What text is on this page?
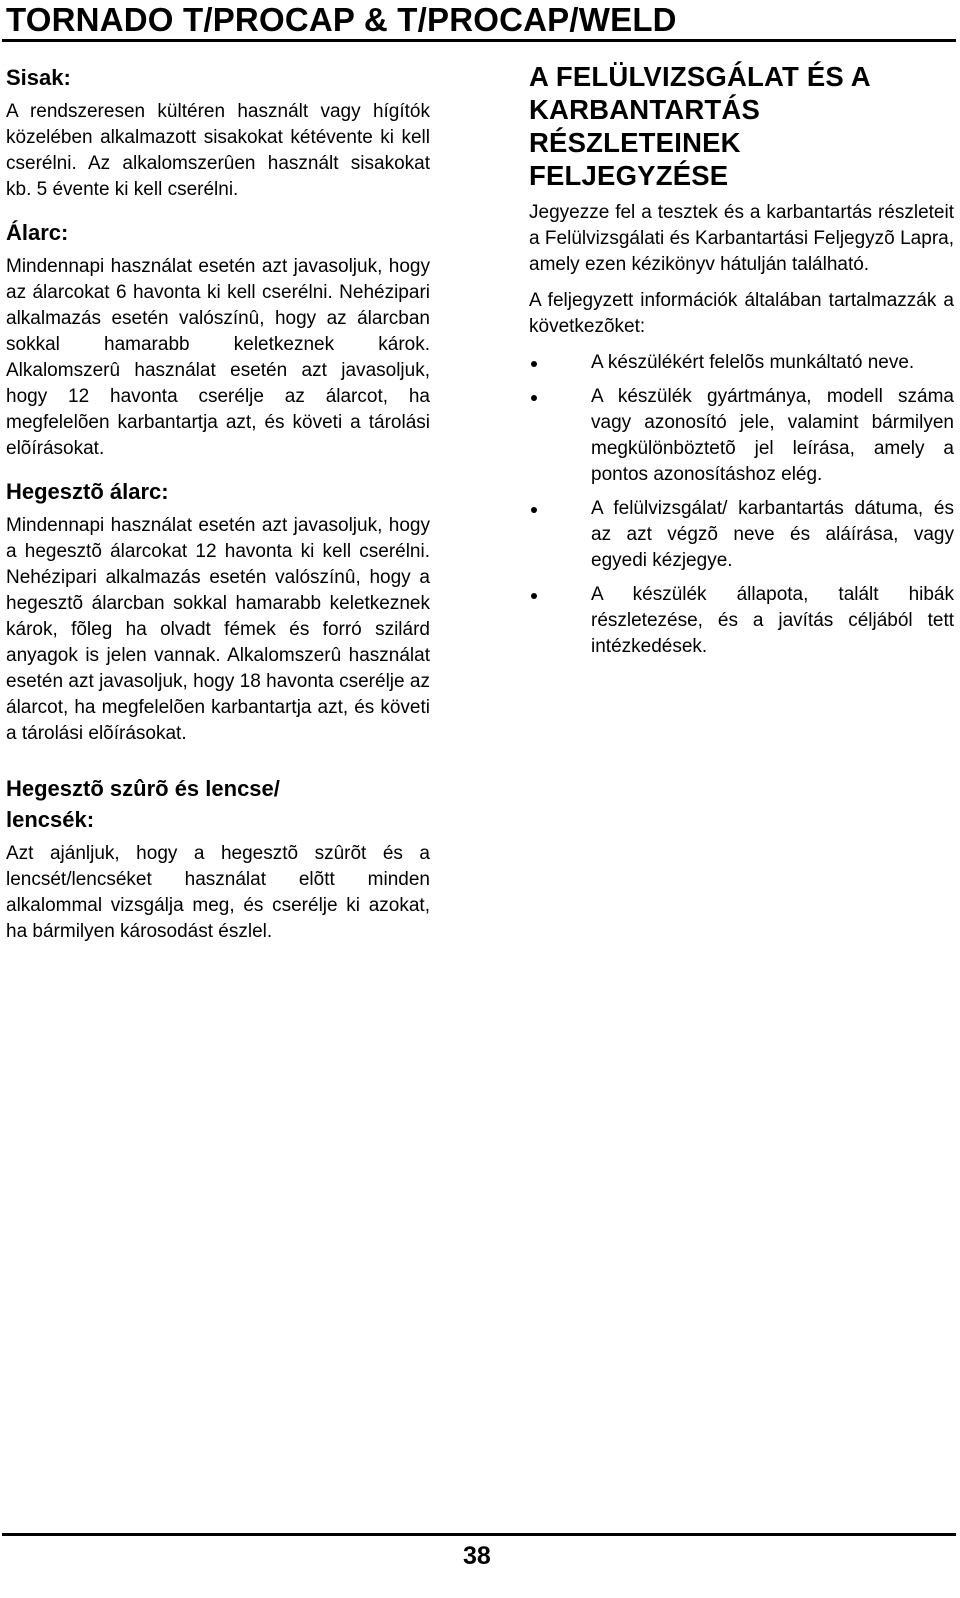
TORNADO T/PROCAP & T/PROCAP/WELD
Sisak:

A rendszeresen kültéren használt vagy hígítók közelében alkalmazott sisakokat kétévente ki kell cserélni. Az alkalomszerûen használt sisakokat kb. 5 évente ki kell cserélni.

Álarc:

Mindennapi használat esetén azt javasoljuk, hogy az álarcokat 6 havonta ki kell cserélni. Nehézipari alkalmazás esetén valószínû, hogy az álarcban sokkal hamarabb keletkeznek károk. Alkalomszerû használat esetén azt javasoljuk, hogy 12 havonta cserélje az álarcot, ha megfelelõen karbantartja azt, és követi a tárolási elõírásokat.

Hegesztõ álarc:

Mindennapi használat esetén azt javasoljuk, hogy a hegesztõ álarcokat 12 havonta ki kell cserélni. Nehézipari alkalmazás esetén valószínû, hogy a hegesztõ álarcban sokkal hamarabb keletkeznek károk, fõleg ha olvadt fémek és forró szilárd anyagok is jelen vannak. Alkalomszerû használat esetén azt javasoljuk, hogy 18 havonta cserélje az álarcot, ha megfelelõen karbantartja azt, és követi a tárolási elõírásokat.

Hegesztõ szûrõ és lencse/ lencsék:

Azt ajánljuk, hogy a hegesztõ szûrõt és a lencsét/lencséket használat elõtt minden alkalommal vizsgálja meg, és cserélje ki azokat, ha bármilyen károsodást észlel.

A FELÜLVIZSGÁLAT ÉS A KARBANTARTÁS RÉSZLETEINEK FELJEGYZÉSE

Jegyezze fel a tesztek és a karbantartás részleteit a Felülvizsgálati és Karbantartási Feljegyzõ Lapra, amely ezen kézikönyv hátulján található.

A feljegyzett információk általában tartalmazzák a következõket:

A készülékért felelõs munkáltató neve.
A készülék gyártmánya, modell száma vagy azonosító jele, valamint bármilyen megkülönböztetõ jel leírása, amely a pontos azonosításhoz elég.
A felülvizsgálat/ karbantartás dátuma, és az azt végzõ neve és aláírása, vagy egyedi kézjegye.
A készülék állapota, talált hibák részletezése, és a javítás céljából tett intézkedések.
38
